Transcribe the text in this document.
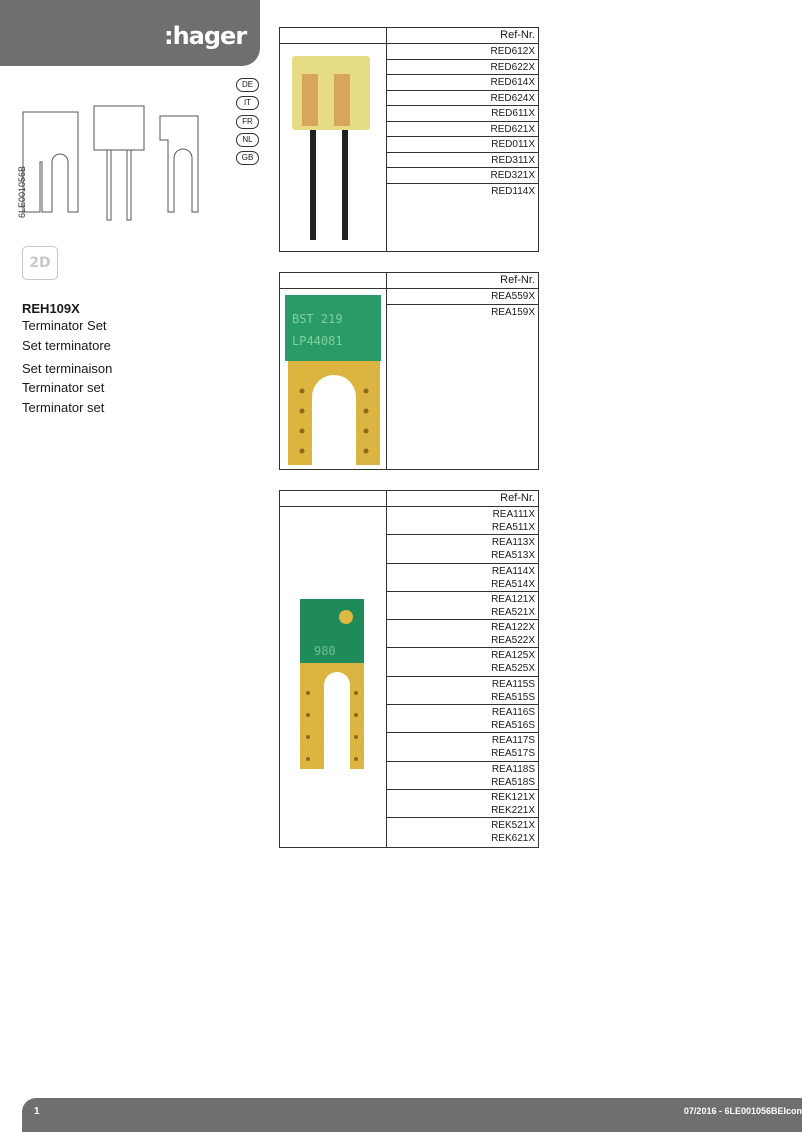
:hager
DE
IT
FR
NL
GB
6LE001056B
2D
REH109X
Terminator Set
Set terminatore
Set terminaison
Terminator set
Terminator set
Ref-Nr.
RED612X
RED622X
RED614X
RED624X
RED611X
RED621X
RED011X
RED311X
RED321X
RED114X
Ref-Nr.
BST 219
LP44081
REA559X
REA159X
Ref-Nr.
980
REA111X
REA511X
REA113X
REA513X
REA114X
REA514X
REA121X
REA521X
REA122X
REA522X
REA125X
REA525X
REA115S
REA515S
REA116S
REA516S
REA117S
REA517S
REA118S
REA518S
REK121X
REK221X
REK521X
REK621X
1	07/2016 - 6LE001056BEIcon
